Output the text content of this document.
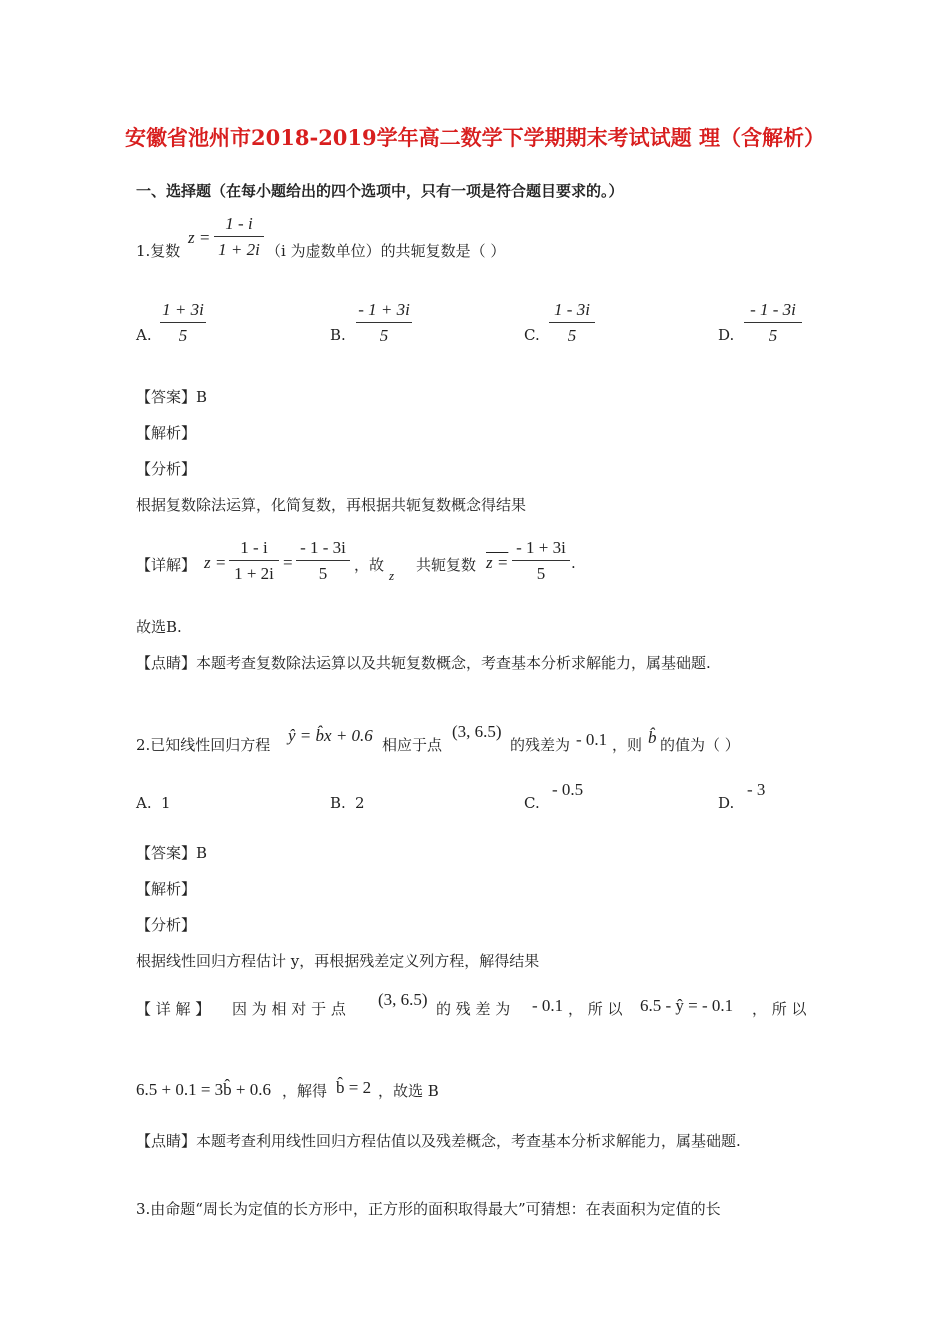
安徽省池州市2018-2019学年高二数学下学期期末考试试题 理（含解析）
一、选择题（在每小题给出的四个选项中，只有一项是符合题目要求的。）
1.复数
$z = \frac{1 - i}{1 + 2i} (i$ 为虚数单位）的共轭复数是（ ）
A. $\frac{1 + 3i}{5}$	B. $\frac{- 1 + 3i}{5}$	C. $\frac{1 - 3i}{5}$	D. $\frac{- 1 - 3i}{5}$
【答案】B
【解析】
【分析】
根据复数除法运算，化简复数，再根据共轭复数概念得结果
【详解】 $z = \frac{1 - i}{1 + 2i} = \frac{- 1 - 3i}{5}$ ，故
z
共轭复数 $z = \frac{- 1 + 3i}{5}$ .
故选B.
【点睛】本题考查复数除法运算以及共轭复数概念，考查基本分析求解能力，属基础题.
2.已知线性回归方程 ŷ = b̂x + 0.6 相应于点
(3, 6.5)
的残差为 - 0.1 ，则 b̂ 的值为（ ）
A. 1	B. 2	C.
- 0.5
D.
- 3
【答案】B
【解析】
【分析】
根据线性回归方程估计 y，再根据残差定义列方程，解得结果
【 详 解 】 因 为 相 对 于 点 (3, 6.5) 的 残 差 为 - 0.1 ， 所 以 6.5 - ŷ = - 0.1 ， 所 以
6.5 + 0.1 = 3b̂ + 0.6 ，解得 b̂ = 2 ，故选 B
【点睛】本题考查利用线性回归方程估值以及残差概念，考查基本分析求解能力，属基础题.
3.由命题“周长为定值的长方形中，正方形的面积取得最大”可猜想：在表面积为定值的长
